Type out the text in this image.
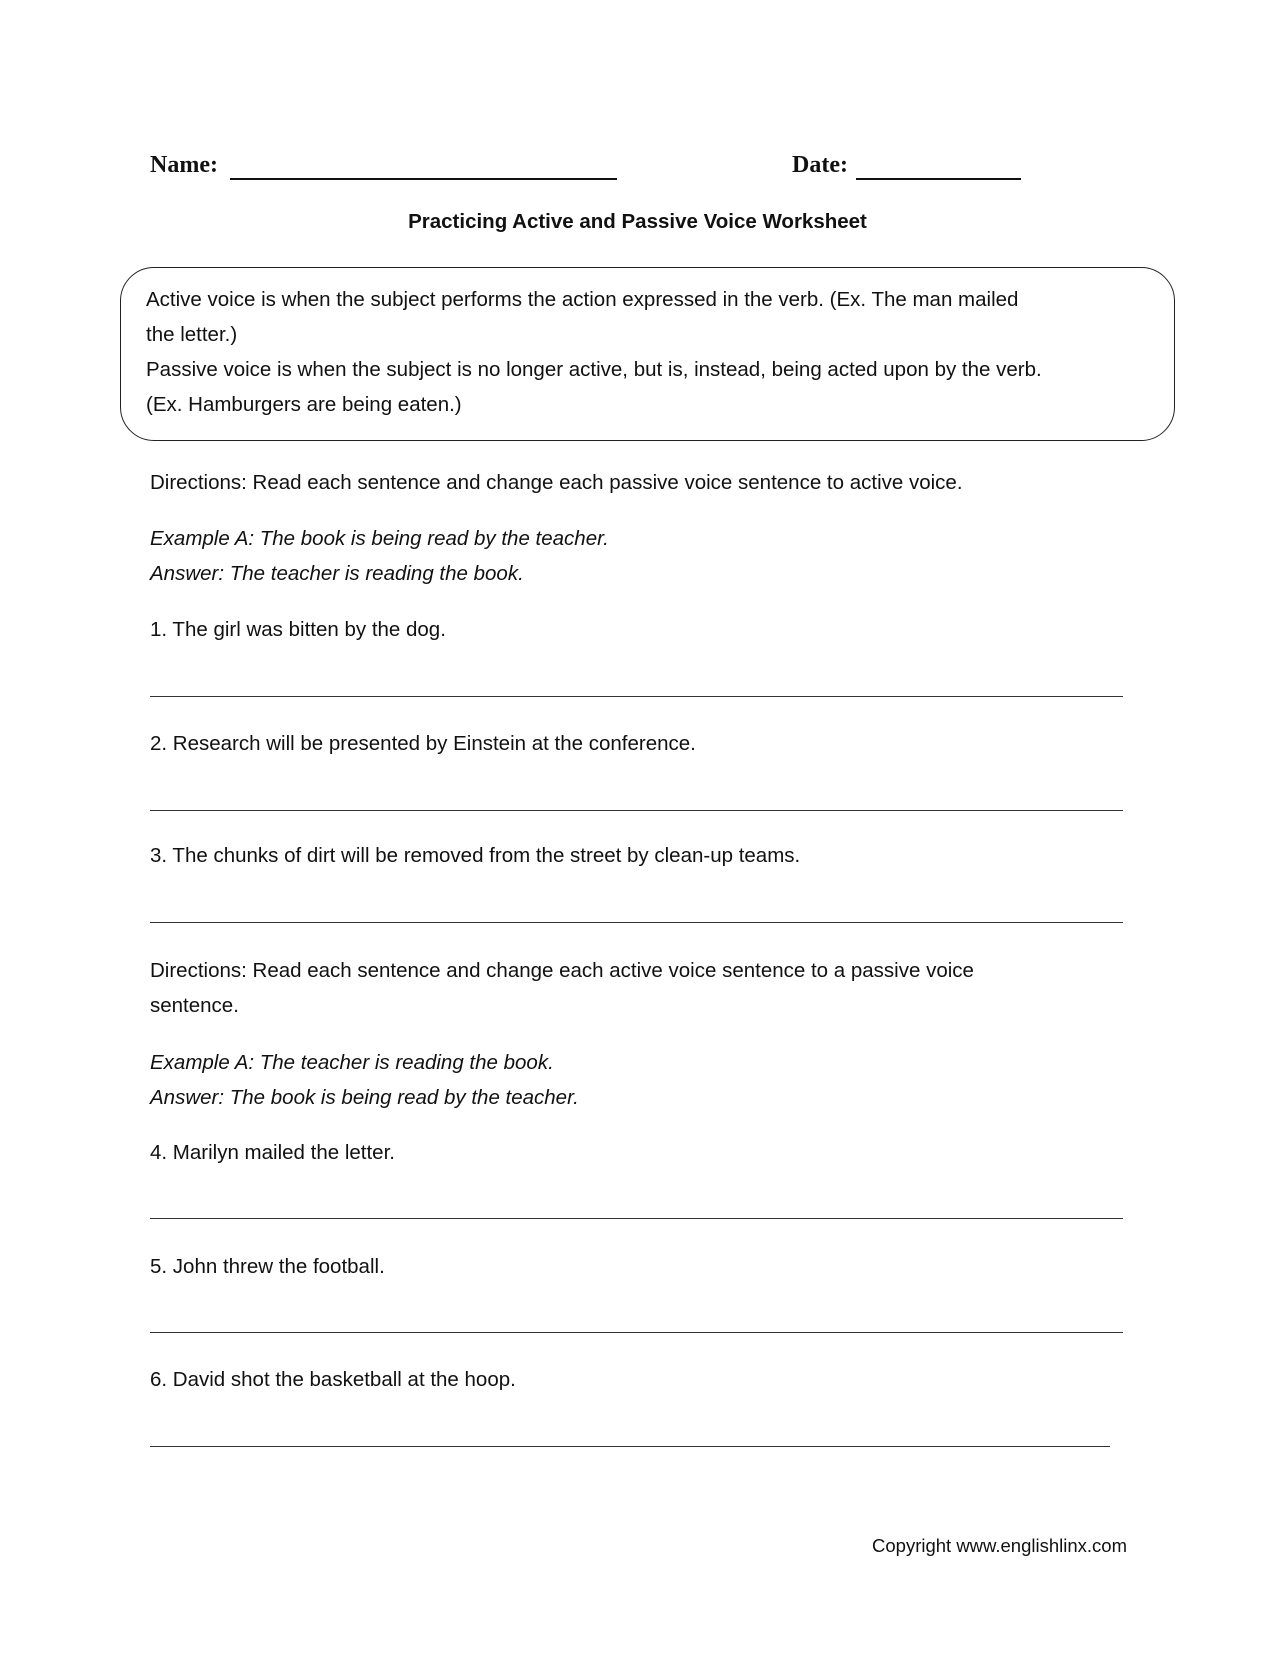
Name:	Date:
Practicing Active and Passive Voice Worksheet
Active voice is when the subject performs the action expressed in the verb. (Ex. The man mailed
the letter.)
Passive voice is when the subject is no longer active, but is, instead, being acted upon by the verb.
(Ex. Hamburgers are being eaten.)
Directions: Read each sentence and change each passive voice sentence to active voice.
Example A: The book is being read by the teacher.
Answer: The teacher is reading the book.
1. The girl was bitten by the dog.
2. Research will be presented by Einstein at the conference.
3. The chunks of dirt will be removed from the street by clean-up teams.
Directions: Read each sentence and change each active voice sentence to a passive voice
sentence.
Example A: The teacher is reading the book.
Answer: The book is being read by the teacher.
4. Marilyn mailed the letter.
5. John threw the football.
6. David shot the basketball at the hoop.
Copyright www.englishlinx.com
